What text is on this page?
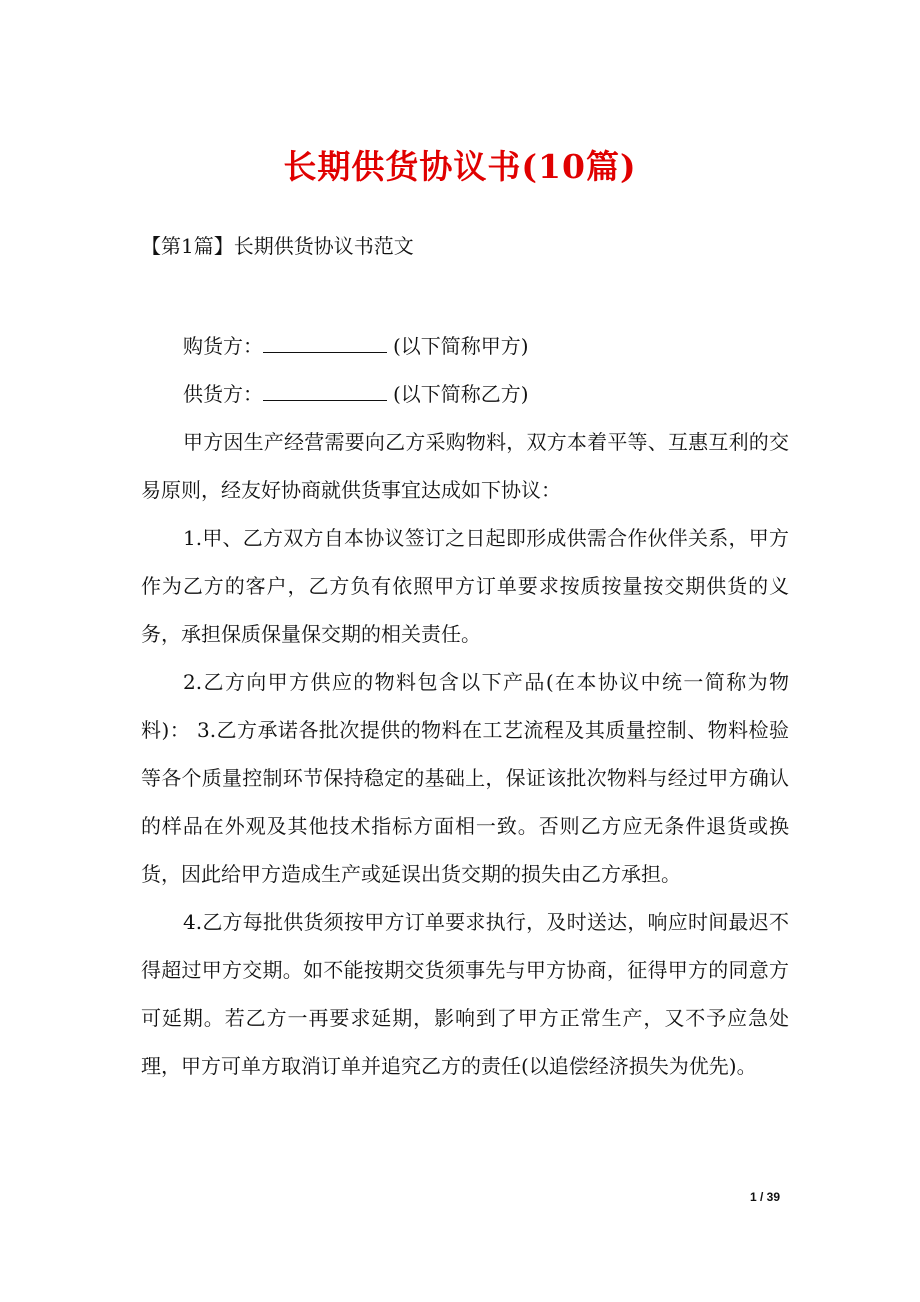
长期供货协议书(10篇)
【第1篇】长期供货协议书范文

购货方：	(以下简称甲方)

供货方：	(以下简称乙方)

甲方因生产经营需要向乙方采购物料，双方本着平等、互惠互利的交易原则，经友好协商就供货事宜达成如下协议：

1.甲、乙方双方自本协议签订之日起即形成供需合作伙伴关系，甲方作为乙方的客户，乙方负有依照甲方订单要求按质按量按交期供货的义务，承担保质保量保交期的相关责任。

2.乙方向甲方供应的物料包含以下产品(在本协议中统一简称为物料)： 3.乙方承诺各批次提供的物料在工艺流程及其质量控制、物料检验等各个质量控制环节保持稳定的基础上，保证该批次物料与经过甲方确认的样品在外观及其他技术指标方面相一致。否则乙方应无条件退货或换货，因此给甲方造成生产或延误出货交期的损失由乙方承担。

4.乙方每批供货须按甲方订单要求执行，及时送达，响应时间最迟不得超过甲方交期。如不能按期交货须事先与甲方协商，征得甲方的同意方可延期。若乙方一再要求延期，影响到了甲方正常生产，又不予应急处理，甲方可单方取消订单并追究乙方的责任(以追偿经济损失为优先)。

1 / 39
